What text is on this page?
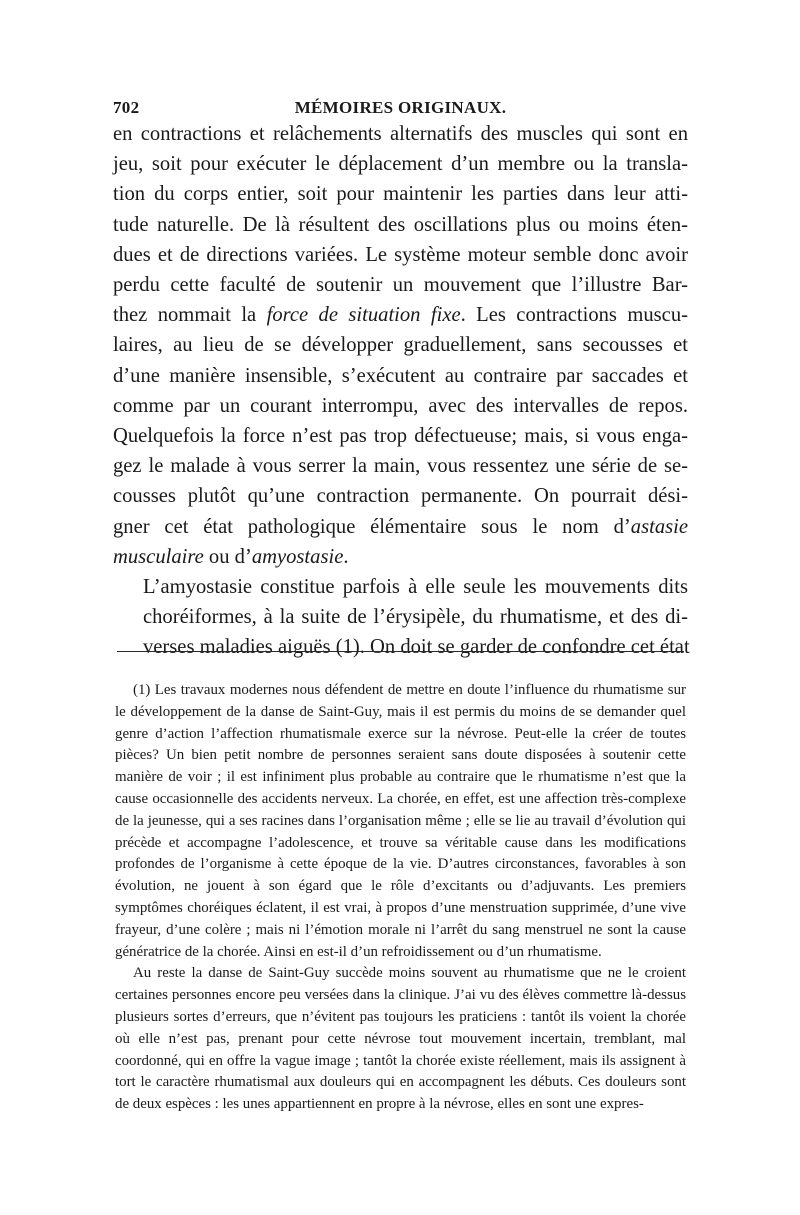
702	MÉMOIRES ORIGINAUX.

en contractions et relâchements alternatifs des muscles qui sont en
jeu, soit pour exécuter le déplacement d’un membre ou la transla-
tion du corps entier, soit pour maintenir les parties dans leur atti-
tude naturelle. De là résultent des oscillations plus ou moins éten-
dues et de directions variées. Le système moteur semble donc avoir
perdu cette faculté de soutenir un mouvement que l’illustre Bar-
thez nommait la force de situation fixe. Les contractions muscu-
laires, au lieu de se développer graduellement, sans secousses et
d’une manière insensible, s’exécutent au contraire par saccades et
comme par un courant interrompu, avec des intervalles de repos.
Quelquefois la force n’est pas trop défectueuse; mais, si vous enga-
gez le malade à vous serrer la main, vous ressentez une série de se-
cousses plutôt qu’une contraction permanente. On pourrait dési-
gner cet état pathologique élémentaire sous le nom d’astasie
musculaire ou d’amyostasie.

L’amyostasie constitue parfois à elle seule les mouvements dits
choréiformes, à la suite de l’érysipèle, du rhumatisme, et des di-
verses maladies aiguës (1). On doit se garder de confondre cet état

(1) Les travaux modernes nous défendent de mettre en doute l’influence du rhumatisme sur le développement de la danse de Saint-Guy, mais il est permis du moins de se demander quel genre d’action l’affection rhumatismale exerce sur la névrose. Peut-elle la créer de toutes pièces? Un bien petit nombre de personnes seraient sans doute disposées à soutenir cette manière de voir ; il est infiniment plus probable au contraire que le rhumatisme n’est que la cause occasionnelle des accidents nerveux. La chorée, en effet, est une affection très-complexe de la jeunesse, qui a ses racines dans l’organisation même ; elle se lie au travail d’évolution qui précède et accompagne l’adolescence, et trouve sa véritable cause dans les modifications profondes de l’organisme à cette époque de la vie. D’autres circonstances, favorables à son évolution, ne jouent à son égard que le rôle d’excitants ou d’adjuvants. Les premiers symptômes choréiques éclatent, il est vrai, à propos d’une menstruation supprimée, d’une vive frayeur, d’une colère ; mais ni l’émotion morale ni l’arrêt du sang menstruel ne sont la cause génératrice de la chorée. Ainsi en est-il d’un refroidissement ou d’un rhumatisme.

Au reste la danse de Saint-Guy succède moins souvent au rhumatisme que ne le croient certaines personnes encore peu versées dans la clinique. J’ai vu des élèves commettre là-dessus plusieurs sortes d’erreurs, que n’évitent pas toujours les praticiens : tantôt ils voient la chorée où elle n’est pas, prenant pour cette névrose tout mouvement incertain, tremblant, mal coordonné, qui en offre la vague image ; tantôt la chorée existe réellement, mais ils assignent à tort le caractère rhumatismal aux douleurs qui en accompagnent les débuts. Ces douleurs sont de deux espèces : les unes appartiennent en propre à la névrose, elles en sont une expres-
